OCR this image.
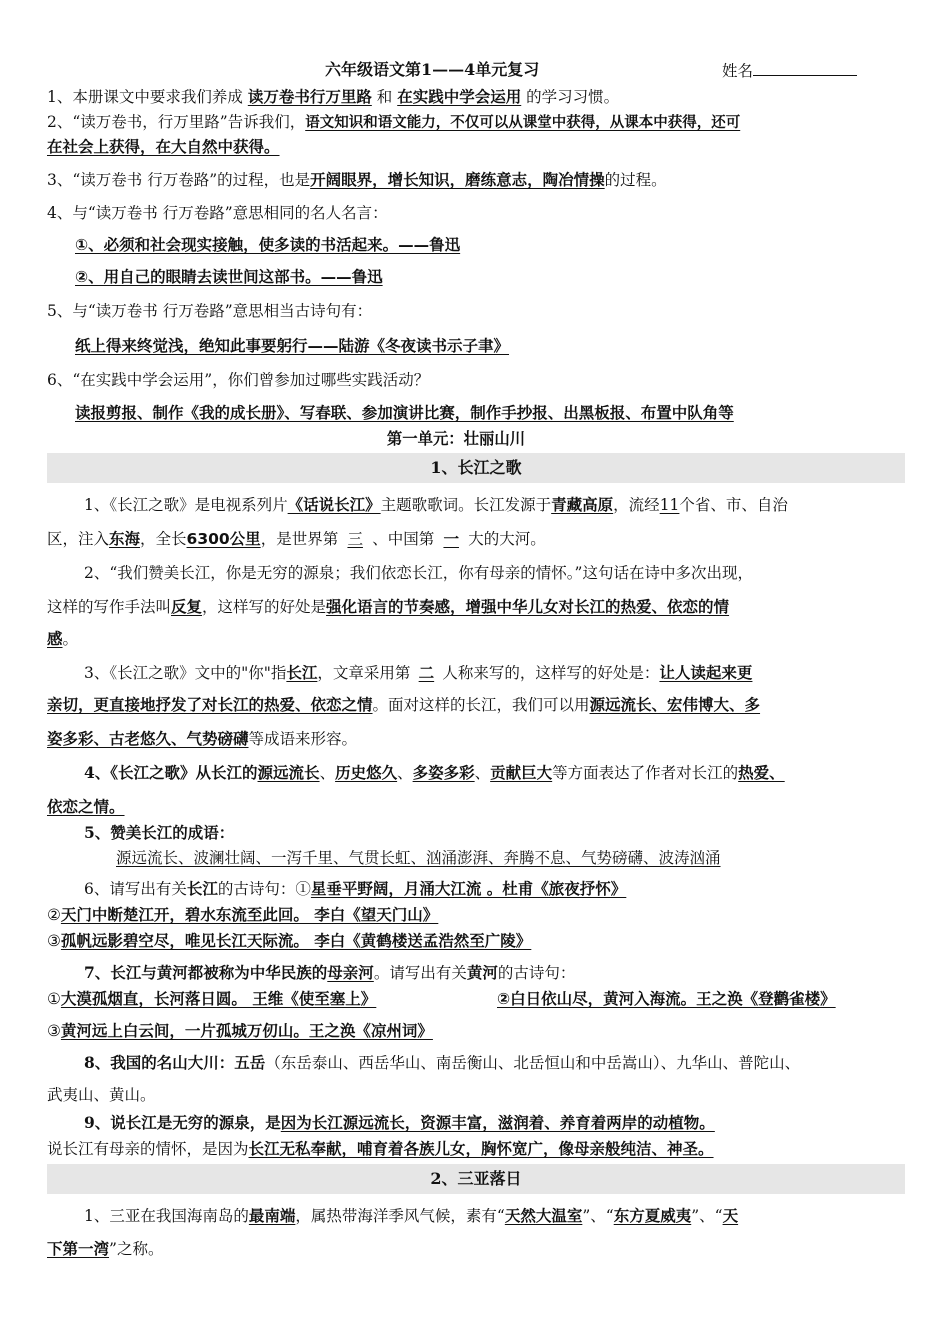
六年级语文第1——4单元复习	姓名
1、本册课文中要求我们养成 读万卷书行万里路 和 在实践中学会运用 的学习习惯。
2、“读万卷书，行万里路”告诉我们，语文知识和语文能力，不仅可以从课堂中获得，从课本中获得，还可
在社会上获得，在大自然中获得。
3、“读万卷书 行万卷路”的过程，也是开阔眼界，增长知识，磨练意志，陶冶情操的过程。
4、与“读万卷书 行万卷路”意思相同的名人名言：
①、必须和社会现实接触，使多读的书活起来。——鲁迅
②、用自己的眼睛去读世间这部书。——鲁迅
5、与“读万卷书 行万卷路”意思相当古诗句有：
纸上得来终觉浅，绝知此事要躬行——陆游《冬夜读书示子聿》
6、“在实践中学会运用”，你们曾参加过哪些实践活动？
读报剪报、制作《我的成长册》、写春联、参加演讲比赛，制作手抄报、出黑板报、布置中队角等
第一单元：壮丽山川
1、长江之歌
1、《长江之歌》是电视系列片《话说长江》主题歌歌词。长江发源于青藏高原，流经11个省、市、自治
区，注入东海，全长6300公里，是世界第 三 、中国第 一 大的大河。
2、“我们赞美长江，你是无穷的源泉；我们依恋长江，你有母亲的情怀。”这句话在诗中多次出现，
这样的写作手法叫反复，这样写的好处是强化语言的节奏感，增强中华儿女对长江的热爱、依恋的情
感。
3、《长江之歌》文中的"你"指长江，文章采用第 二 人称来写的，这样写的好处是：让人读起来更
亲切，更直接地抒发了对长江的热爱、依恋之情。面对这样的长江，我们可以用源远流长、宏伟博大、多
姿多彩、古老悠久、气势磅礴等成语来形容。
4、《长江之歌》从长江的源远流长、历史悠久、多姿多彩、贡献巨大等方面表达了作者对长江的热爱、
依恋之情。
5、赞美长江的成语：
源远流长、波澜壮阔、一泻千里、气贯长虹、汹涌澎湃、奔腾不息、气势磅礴、波涛汹涌
6、请写出有关长江的古诗句：①星垂平野阔，月涌大江流 。杜甫《旅夜抒怀》
②天门中断楚江开，碧水东流至此回。 李白《望天门山》
③孤帆远影碧空尽，唯见长江天际流。 李白《黄鹤楼送孟浩然至广陵》
7、长江与黄河都被称为中华民族的母亲河。请写出有关黄河的古诗句：
①大漠孤烟直，长河落日圆。 王维《使至塞上》	②白日依山尽，黄河入海流。王之涣《登鹳雀楼》
③黄河远上白云间，一片孤城万仞山。王之涣《凉州词》
8、我国的名山大川：五岳（东岳泰山、西岳华山、南岳衡山、北岳恒山和中岳嵩山）、九华山、普陀山、
武夷山、黄山。
9、说长江是无穷的源泉，是因为长江源远流长，资源丰富，滋润着、养育着两岸的动植物。
说长江有母亲的情怀，是因为长江无私奉献，哺育着各族儿女，胸怀宽广，像母亲般纯洁、神圣。
2、三亚落日
1、三亚在我国海南岛的最南端，属热带海洋季风气候，素有“天然大温室”、“东方夏威夷”、“天
下第一湾”之称。
